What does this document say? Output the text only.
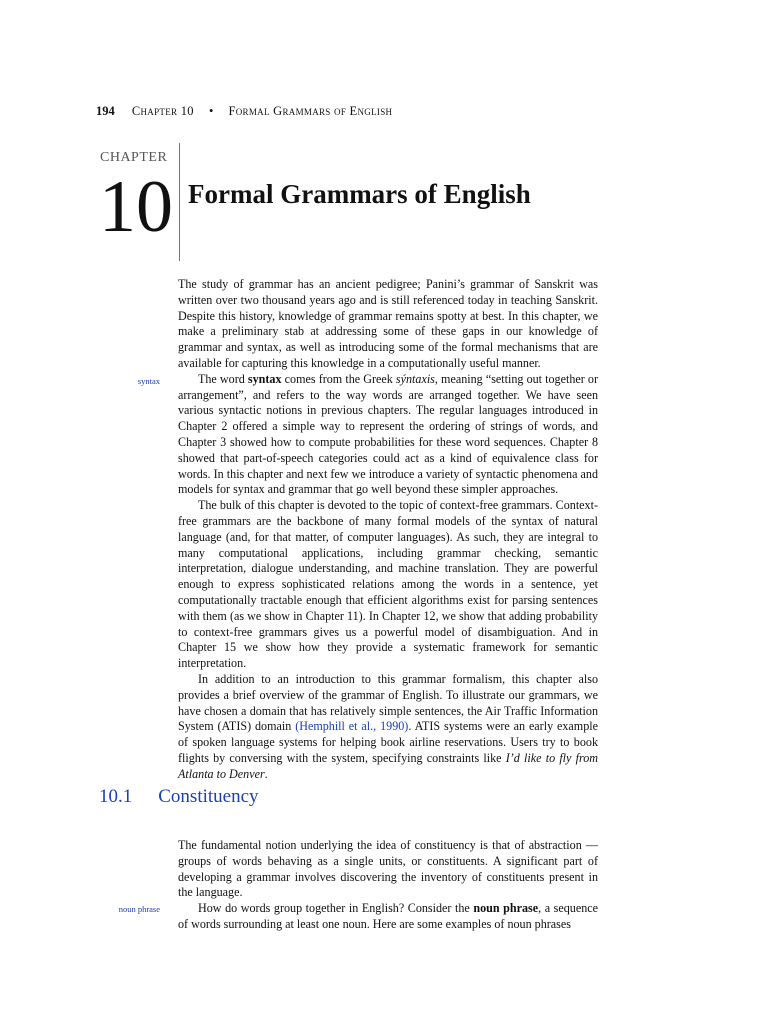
194 Chapter 10 • Formal Grammars of English
CHAPTER
10 Formal Grammars of English
syntax

The study of grammar has an ancient pedigree; Panini’s grammar of Sanskrit was written over two thousand years ago and is still referenced today in teaching Sanskrit. Despite this history, knowledge of grammar remains spotty at best. In this chapter, we make a preliminary stab at addressing some of these gaps in our knowledge of grammar and syntax, as well as introducing some of the formal mechanisms that are available for capturing this knowledge in a computationally useful manner.

The word syntax comes from the Greek sýntaxis, meaning “setting out together or arrangement”, and refers to the way words are arranged together. We have seen various syntactic notions in previous chapters. The regular languages introduced in Chapter 2 offered a simple way to represent the ordering of strings of words, and Chapter 3 showed how to compute probabilities for these word sequences. Chapter 8 showed that part-of-speech categories could act as a kind of equivalence class for words. In this chapter and next few we introduce a variety of syntactic phenomena and models for syntax and grammar that go well beyond these simpler approaches.

The bulk of this chapter is devoted to the topic of context-free grammars. Context-free grammars are the backbone of many formal models of the syntax of natural language (and, for that matter, of computer languages). As such, they are integral to many computational applications, including grammar checking, semantic interpretation, dialogue understanding, and machine translation. They are powerful enough to express sophisticated relations among the words in a sentence, yet computationally tractable enough that efficient algorithms exist for parsing sentences with them (as we show in Chapter 11). In Chapter 12, we show that adding probability to context-free grammars gives us a powerful model of disambiguation. And in Chapter 15 we show how they provide a systematic framework for semantic interpretation.

In addition to an introduction to this grammar formalism, this chapter also provides a brief overview of the grammar of English. To illustrate our grammars, we have chosen a domain that has relatively simple sentences, the Air Traffic Information System (ATIS) domain (Hemphill et al., 1990). ATIS systems were an early example of spoken language systems for helping book airline reservations. Users try to book flights by conversing with the system, specifying constraints like I’d like to fly from Atlanta to Denver.

10.1 Constituency
noun phrase

The fundamental notion underlying the idea of constituency is that of abstraction — groups of words behaving as a single units, or constituents. A significant part of developing a grammar involves discovering the inventory of constituents present in the language.

How do words group together in English? Consider the noun phrase, a sequence of words surrounding at least one noun. Here are some examples of noun phrases
